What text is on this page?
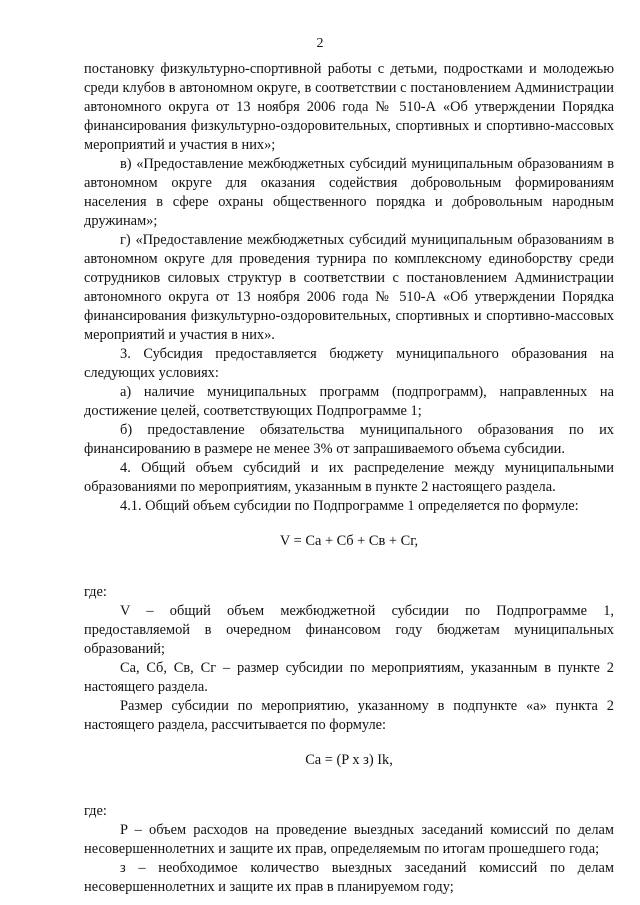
2

постановку физкультурно-спортивной работы с детьми, подростками и молодежью среди клубов в автономном округе, в соответствии с постановлением Администрации автономного округа от 13 ноября 2006 года № 510-А «Об утверждении Порядка финансирования физкультурно-оздоровительных, спортивных и спортивно-массовых мероприятий и участия в них»;

в) «Предоставление межбюджетных субсидий муниципальным образованиям в автономном округе для оказания содействия добровольным формированиям населения в сфере охраны общественного порядка и добровольным народным дружинам»;

г) «Предоставление межбюджетных субсидий муниципальным образованиям в автономном округе для проведения турнира по комплексному единоборству среди сотрудников силовых структур в соответствии с постановлением Администрации автономного округа от 13 ноября 2006 года № 510-А «Об утверждении Порядка финансирования физкультурно-оздоровительных, спортивных и спортивно-массовых мероприятий и участия в них».

3. Субсидия предоставляется бюджету муниципального образования на следующих условиях:

а) наличие муниципальных программ (подпрограмм), направленных на достижение целей, соответствующих Подпрограмме 1;

б) предоставление обязательства муниципального образования по их финансированию в размере не менее 3% от запрашиваемого объема субсидии.

4. Общий объем субсидий и их распределение между муниципальными образованиями по мероприятиям, указанным в пункте 2 настоящего раздела.

4.1. Общий объем субсидии по Подпрограмме 1 определяется по формуле:

V = Cа + Cб + Cв + Cг,

где:

V – общий объем межбюджетной субсидии по Подпрограмме 1, предоставляемой в очередном финансовом году бюджетам муниципальных образований;

Cа, Cб, Cв, Cг – размер субсидии по мероприятиям, указанным в пункте 2 настоящего раздела.

Размер субсидии по мероприятию, указанному в подпункте «а» пункта 2 настоящего раздела, рассчитывается по формуле:

Cа = (P х з) Ik,

где:

P – объем расходов на проведение выездных заседаний комиссий по делам несовершеннолетних и защите их прав, определяемым по итогам прошедшего года;

з – необходимое количество выездных заседаний комиссий по делам несовершеннолетних и защите их прав в планируемом году;
